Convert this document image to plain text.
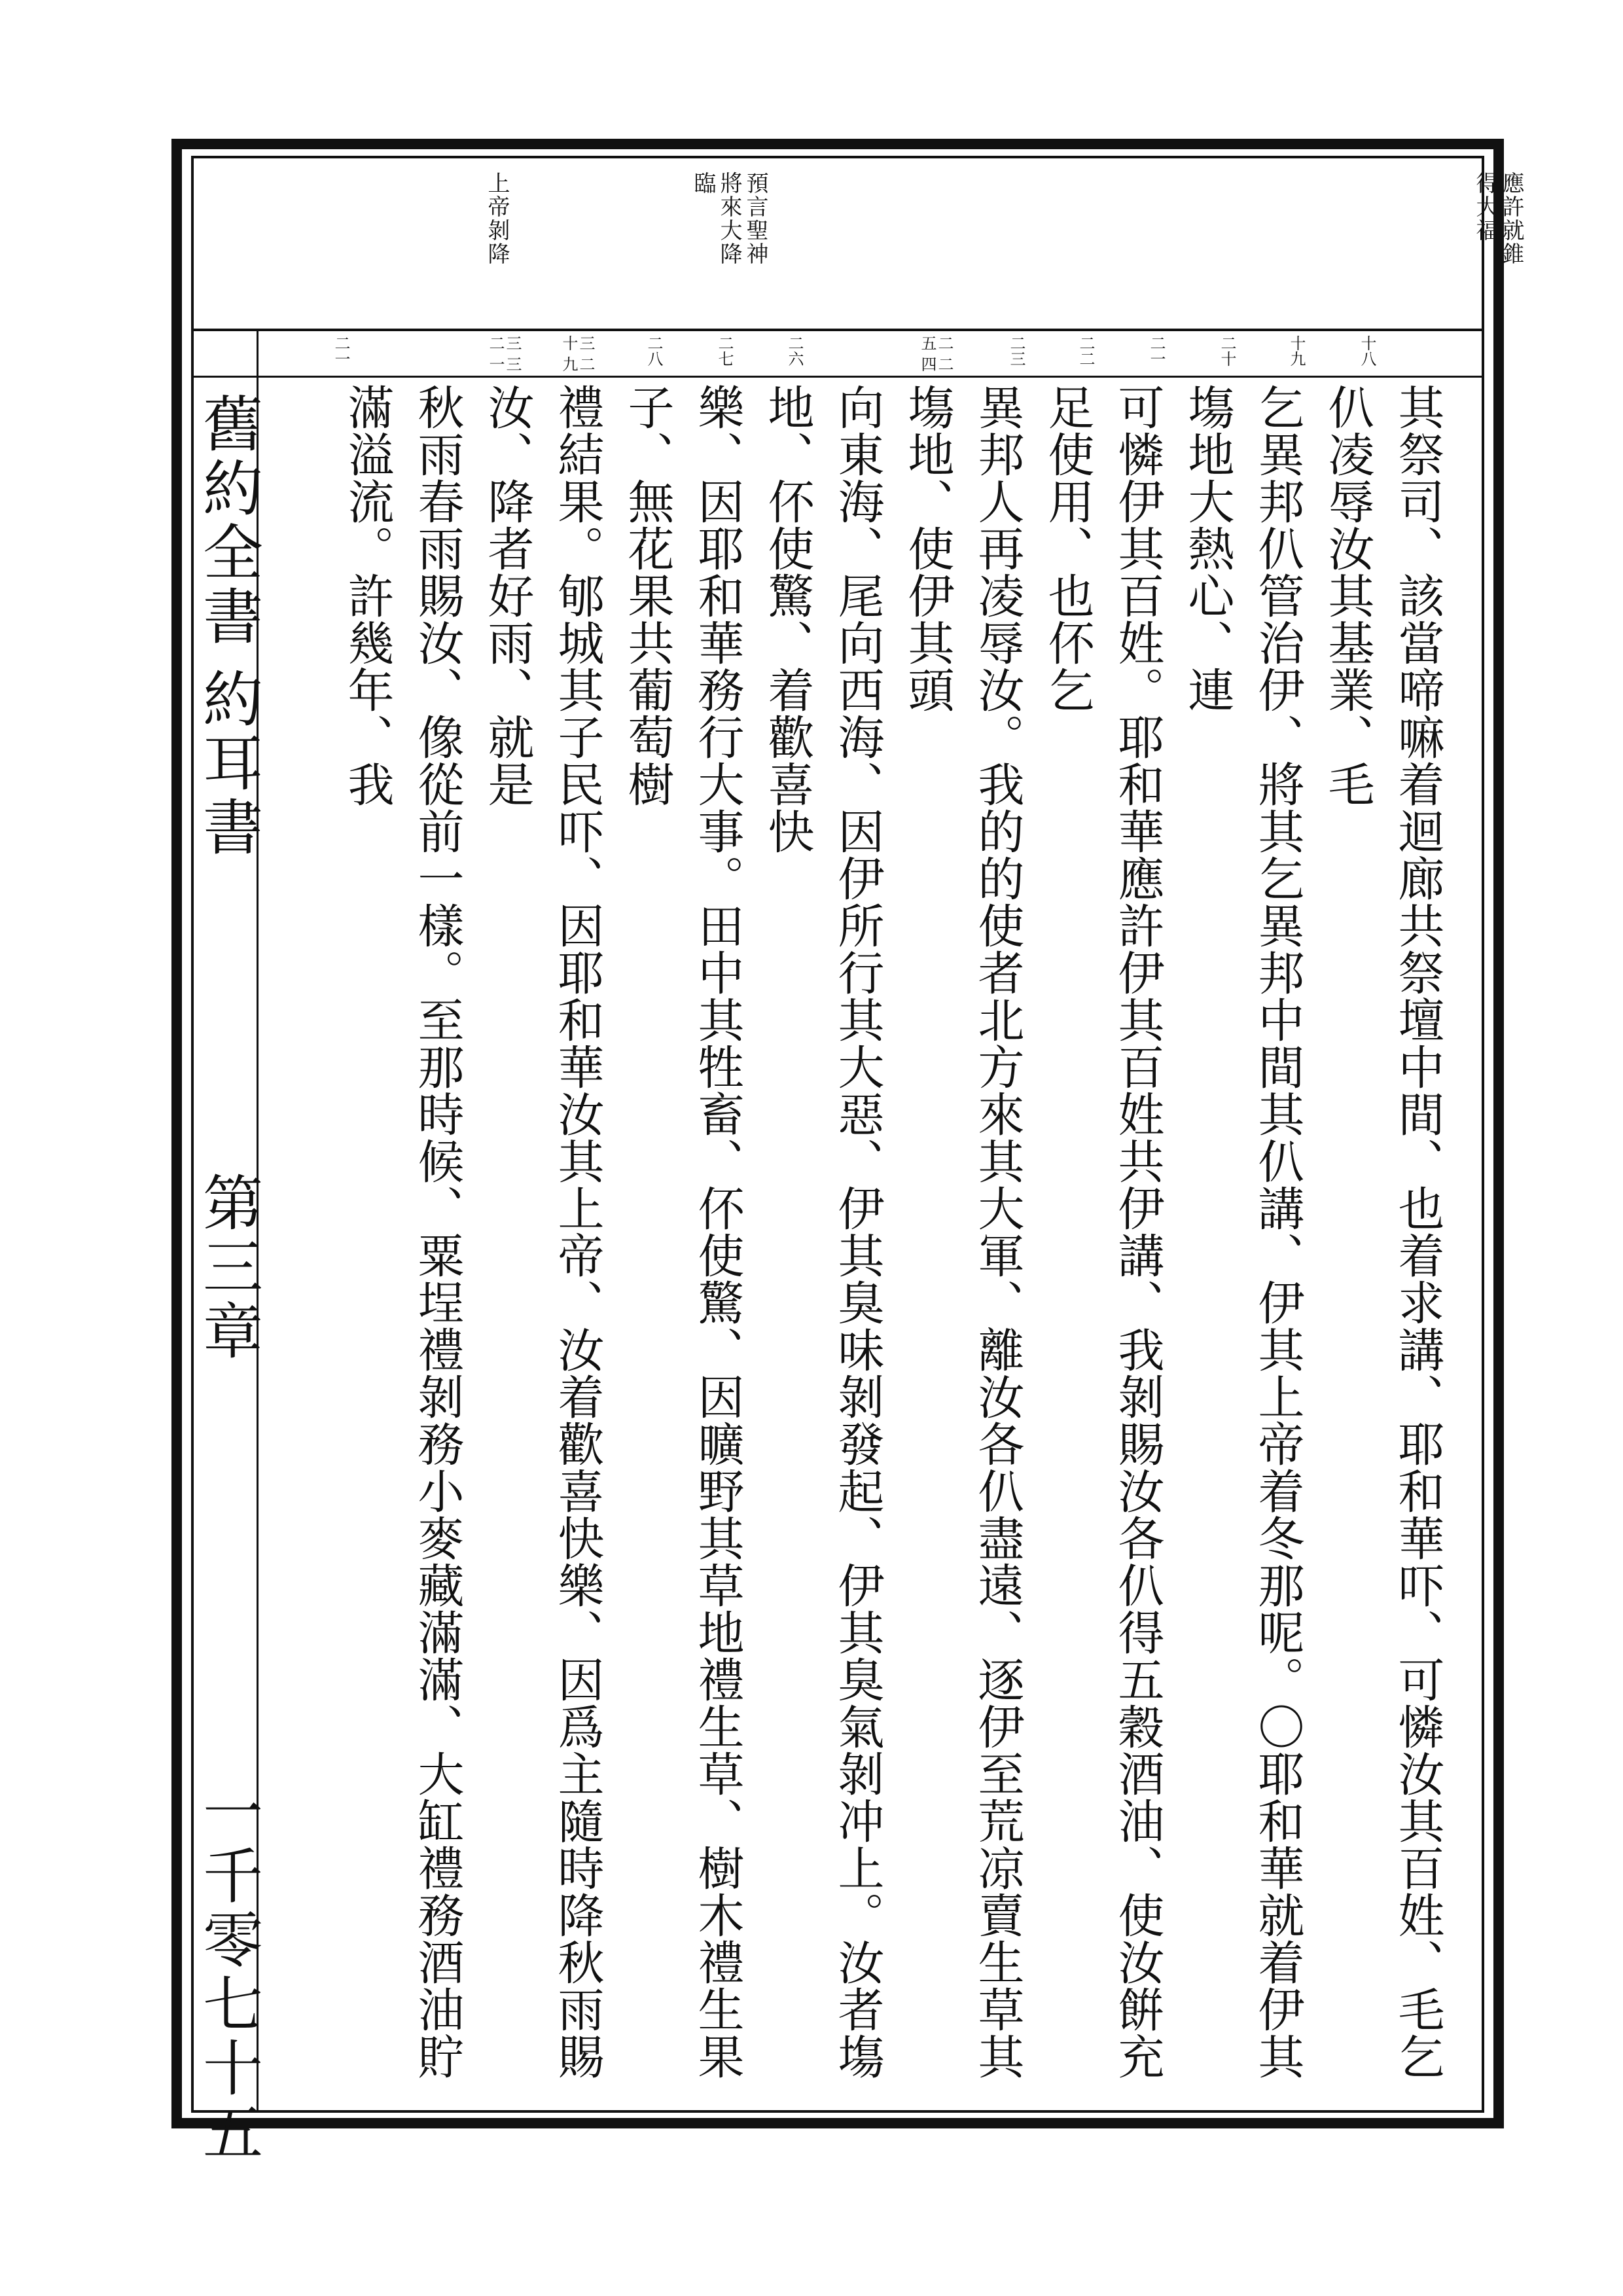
應許就錐
得大福
預言聖神
將來大降
臨
上帝剝降
十八
十九
二十
二一
二二
二三
二四
二五
二六
二七
二八
二九
三十
三一
三二
二一

其祭司、該當啼嘛着迴廊共祭壇中間、也着求講、耶和華吓、可憐汝其百姓、毛乞仈凌辱汝其基業、毛

乞異邦仈管治伊、將其乞異邦中間其仈講、伊其上帝着冬那呢。〇耶和華就着伊其塲地大熱心、連

可憐伊其百姓。耶和華應許伊其百姓共伊講、我剝賜汝各仈得五穀酒油、使汝餠充足使用、也伓乞

異邦人再凌辱汝。我的的使者北方來其大軍、離汝各仈盡遠、逐伊至荒凉賣生草其塲地、使伊其頭

向東海、尾向西海、因伊所行其大惡、伊其臭味剝發起、伊其臭氣剝冲上。汝者塲地、伓使驚、着歡喜快

樂、因耶和華務行大事。田中其牲畜、伓使驚、因曠野其草地禮生草、樹木禮生果子、無花果共葡萄樹

禮結果。郇城其子民吓、因耶和華汝其上帝、汝着歡喜快樂、因爲主隨時降秋雨賜汝、降者好雨、就是

秋雨春雨賜汝、像從前一樣。至那時候、粟埕禮剝務小麥藏滿滿、大缸禮務酒油貯滿溢流。許幾年、我

舊約全書
約耳書
第三章
一千零七十五
